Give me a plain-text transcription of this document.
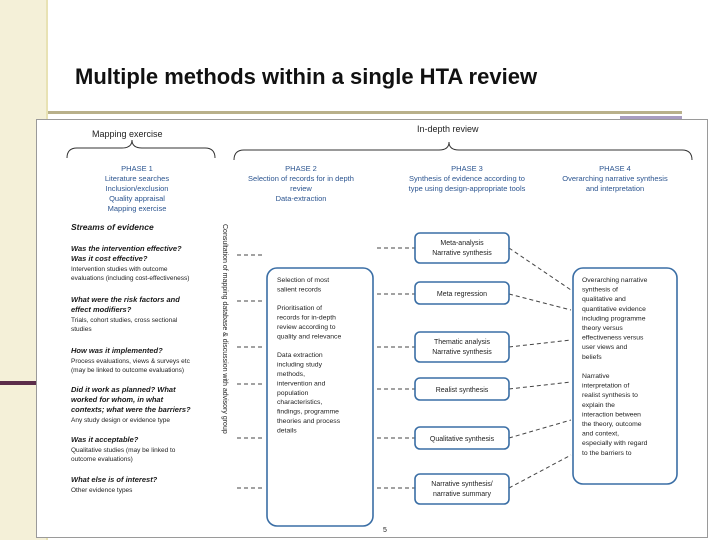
Multiple methods within a single HTA review
Mapping exercise	In-depth review
PHASE 1
Literature searches
Inclusion/exclusion
Quality appraisal
Mapping exercise
PHASE 2
Selection of records for in depth
review
Data-extraction
PHASE 3
Synthesis of evidence according to
type using design-appropriate tools
PHASE 4
Overarching narrative synthesis
and interpretation
Streams of evidence
Was the intervention effective?
Was it cost effective?
Intervention studies with outcome
evaluations (including cost-effectiveness)
What were the risk factors and
effect modifiers?
Trials, cohort studies, cross sectional
studies
How was it implemented?
Process evaluations, views & surveys etc
(may be linked to outcome evaluations)
Did it work as planned? What
worked for whom, in what
contexts; what were the barriers?
Any study design or evidence type
Was it acceptable?
Qualitative studies (may be linked to
outcome evaluations)
What else is of interest?
Other evidence types
Consultation of mapping database & discussion with advisory group	Selection of most
salient records
Prioritisation of
records for in-depth
review according to
quality and relevance
Data extraction
including study
methods,
intervention and
population
characteristics,
findings, programme
theories and process
details
Meta-analysis
Narrative synthesis
Meta regression
Thematic analysis
Narrative synthesis
Realist synthesis
Qualitative synthesis
Narrative synthesis/
narrative summary
Overarching narrative
synthesis of
qualitative and
quantitative evidence
including programme
theory versus
effectiveness versus
user views and
beliefs
Narrative
interpretation of
realist synthesis to
explain the
interaction between
the theory, outcome
and context,
especially with regard
to the barriers to
5
